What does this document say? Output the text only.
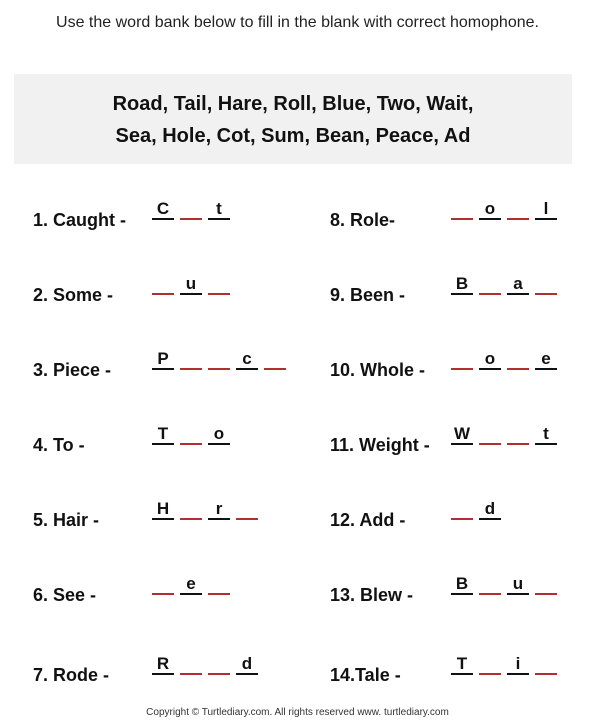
Use the word bank below to fill in the blank with correct homophone.
Road, Tail, Hare, Roll, Blue, Two, Wait,
Sea, Hole, Cot, Sum, Bean, Peace, Ad
1. Caught -
C	t
2. Some -
u
3. Piece -
P	c
4. To -
T	o
5. Hair -
H	r
6. See -
e
7. Rode -
R	d
8. Role-
o	l
9. Been -
B	a
10. Whole -
o	e
11. Weight -
W	t
12. Add -
d
13. Blew -
B	u
14.Tale -
T	i
Copyright © Turtlediary.com. All rights reserved www. turtlediary.com
